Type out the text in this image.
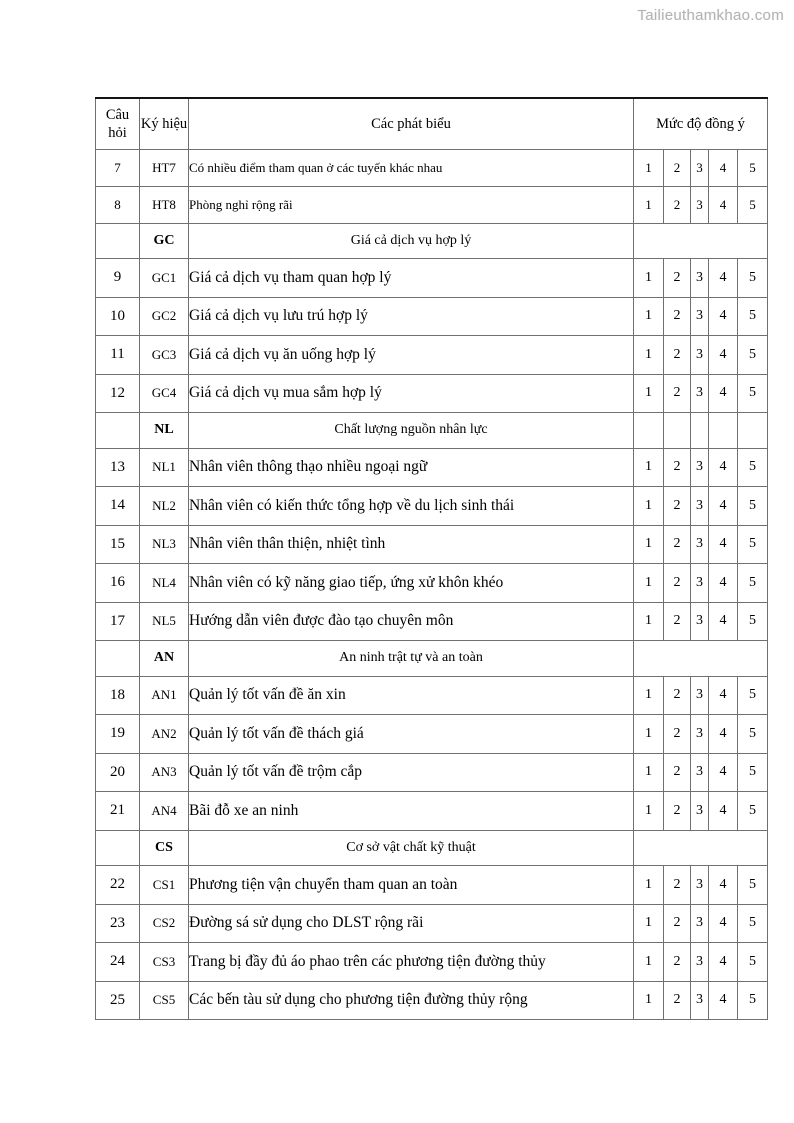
Tailieuthamkhao.com
Câu hỏi	Ký hiệu	Các phát biểu	Mức độ đồng ý				
7	HT7	Có nhiều điểm tham quan ở các tuyến khác nhau	1	2	3	4	5
8	HT8	Phòng nghỉ rộng rãi	1	2	3	4	5
	GC	Giá cả dịch vụ hợp lý					
9	GC1	Giá cả dịch vụ tham quan hợp lý	1	2	3	4	5
10	GC2	Giá cả dịch vụ lưu trú hợp lý	1	2	3	4	5
11	GC3	Giá cả dịch vụ ăn uống hợp lý	1	2	3	4	5
12	GC4	Giá cả dịch vụ mua sắm hợp lý	1	2	3	4	5
	NL	Chất lượng nguồn nhân lực					
13	NL1	Nhân viên thông thạo nhiều ngoại ngữ	1	2	3	4	5
14	NL2	Nhân viên có kiến thức tổng hợp về du lịch sinh thái	1	2	3	4	5
15	NL3	Nhân viên thân thiện, nhiệt tình	1	2	3	4	5
16	NL4	Nhân viên có kỹ năng giao tiếp, ứng xử khôn khéo	1	2	3	4	5
17	NL5	Hướng dẫn viên được đào tạo chuyên môn	1	2	3	4	5
	AN	An ninh trật tự và an toàn					
18	AN1	Quản lý tốt vấn đề ăn xin	1	2	3	4	5
19	AN2	Quản lý tốt vấn đề thách giá	1	2	3	4	5
20	AN3	Quản lý tốt vấn đề trộm cắp	1	2	3	4	5
21	AN4	Bãi đỗ xe an ninh	1	2	3	4	5
	CS	Cơ sở vật chất kỹ thuật					
22	CS1	Phương tiện vận chuyển tham quan an toàn	1	2	3	4	5
23	CS2	Đường sá sử dụng cho DLST rộng rãi	1	2	3	4	5
24	CS3	Trang bị đầy đủ áo phao trên các phương tiện đường thủy	1	2	3	4	5
25	CS5	Các bến tàu sử dụng cho phương tiện đường thủy rộng	1	2	3	4	5
